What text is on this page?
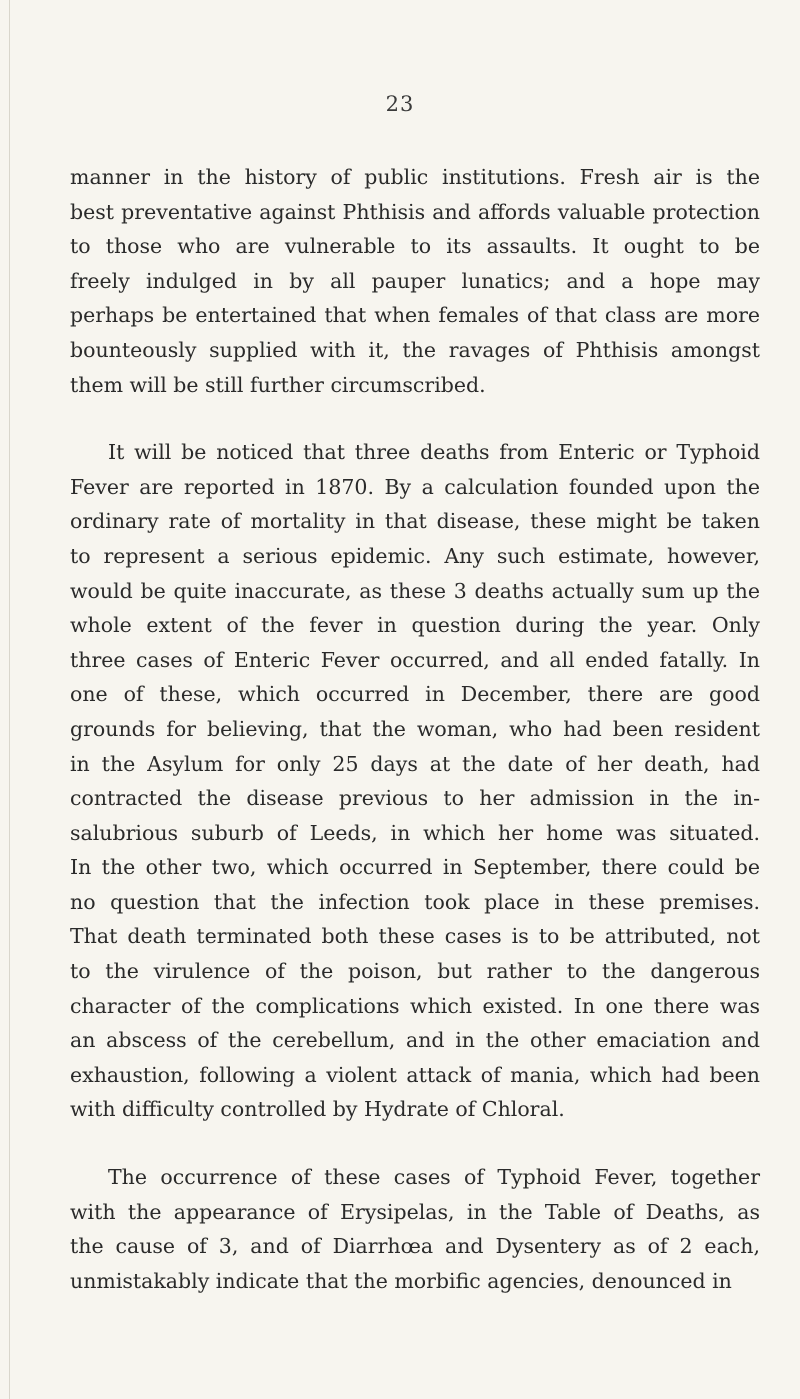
23
manner in the history of public institutions. Fresh air is the
best preventative against Phthisis and affords valuable protection
to those who are vulnerable to its assaults. It ought to be
freely indulged in by all pauper lunatics; and a hope may
perhaps be entertained that when females of that class are more
bounteously supplied with it, the ravages of Phthisis amongst
them will be still further circumscribed.
It will be noticed that three deaths from Enteric or Typhoid
Fever are reported in 1870. By a calculation founded upon the
ordinary rate of mortality in that disease, these might be taken
to represent a serious epidemic. Any such estimate, however,
would be quite inaccurate, as these 3 deaths actually sum up the
whole extent of the fever in question during the year. Only
three cases of Enteric Fever occurred, and all ended fatally. In
one of these, which occurred in December, there are good
grounds for believing, that the woman, who had been resident
in the Asylum for only 25 days at the date of her death, had
contracted the disease previous to her admission in the in-
salubrious suburb of Leeds, in which her home was situated.
In the other two, which occurred in September, there could be
no question that the infection took place in these premises.
That death terminated both these cases is to be attributed, not
to the virulence of the poison, but rather to the dangerous
character of the complications which existed. In one there was
an abscess of the cerebellum, and in the other emaciation and
exhaustion, following a violent attack of mania, which had been
with difficulty controlled by Hydrate of Chloral.
The occurrence of these cases of Typhoid Fever, together
with the appearance of Erysipelas, in the Table of Deaths, as
the cause of 3, and of Diarrhœa and Dysentery as of 2 each,
unmistakably indicate that the morbific agencies, denounced in
